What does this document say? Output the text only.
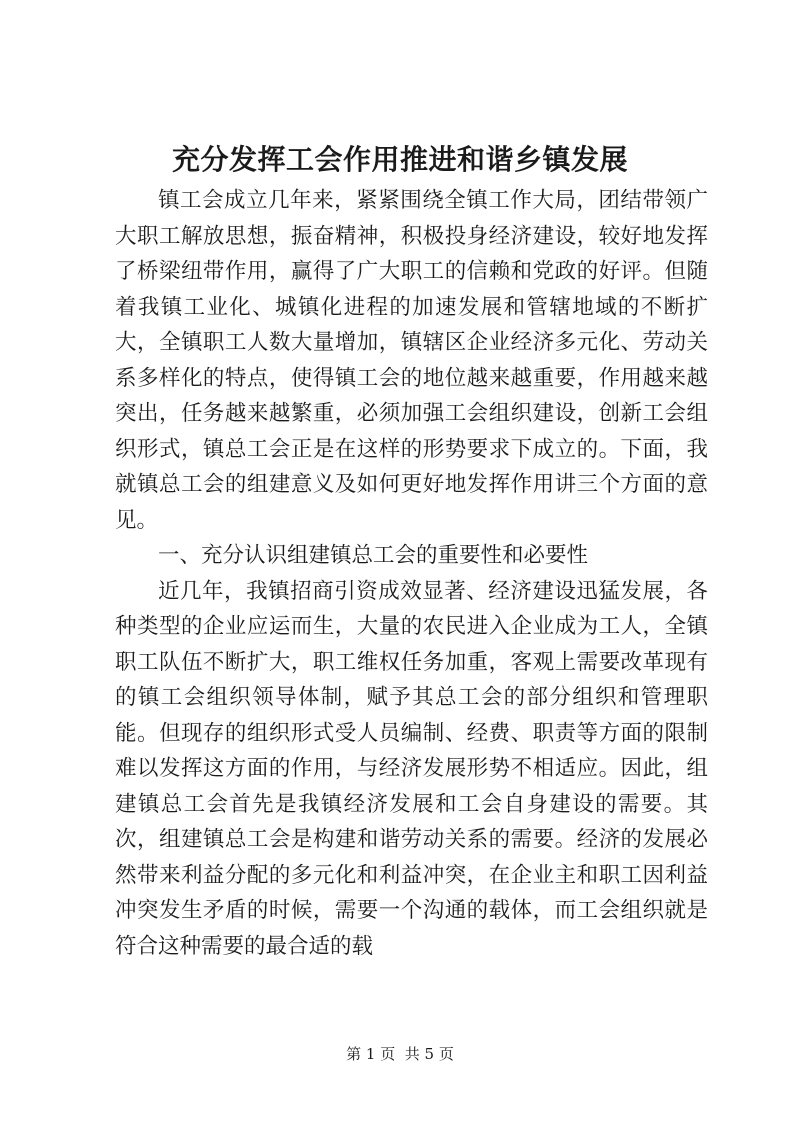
充分发挥工会作用推进和谐乡镇发展

镇工会成立几年来，紧紧围绕全镇工作大局，团结带领广大职工解放思想，振奋精神，积极投身经济建设，较好地发挥了桥梁纽带作用，赢得了广大职工的信赖和党政的好评。但随着我镇工业化、城镇化进程的加速发展和管辖地域的不断扩大，全镇职工人数大量增加，镇辖区企业经济多元化、劳动关系多样化的特点，使得镇工会的地位越来越重要，作用越来越突出，任务越来越繁重，必须加强工会组织建设，创新工会组织形式，镇总工会正是在这样的形势要求下成立的。下面，我就镇总工会的组建意义及如何更好地发挥作用讲三个方面的意见。

一、充分认识组建镇总工会的重要性和必要性

近几年，我镇招商引资成效显著、经济建设迅猛发展，各种类型的企业应运而生，大量的农民进入企业成为工人，全镇职工队伍不断扩大，职工维权任务加重，客观上需要改革现有的镇工会组织领导体制，赋予其总工会的部分组织和管理职能。但现存的组织形式受人员编制、经费、职责等方面的限制难以发挥这方面的作用，与经济发展形势不相适应。因此，组建镇总工会首先是我镇经济发展和工会自身建设的需要。其次，组建镇总工会是构建和谐劳动关系的需要。经济的发展必然带来利益分配的多元化和利益冲突，在企业主和职工因利益冲突发生矛盾的时候，需要一个沟通的载体，而工会组织就是符合这种需要的最合适的载

第 1 页  共 5 页
